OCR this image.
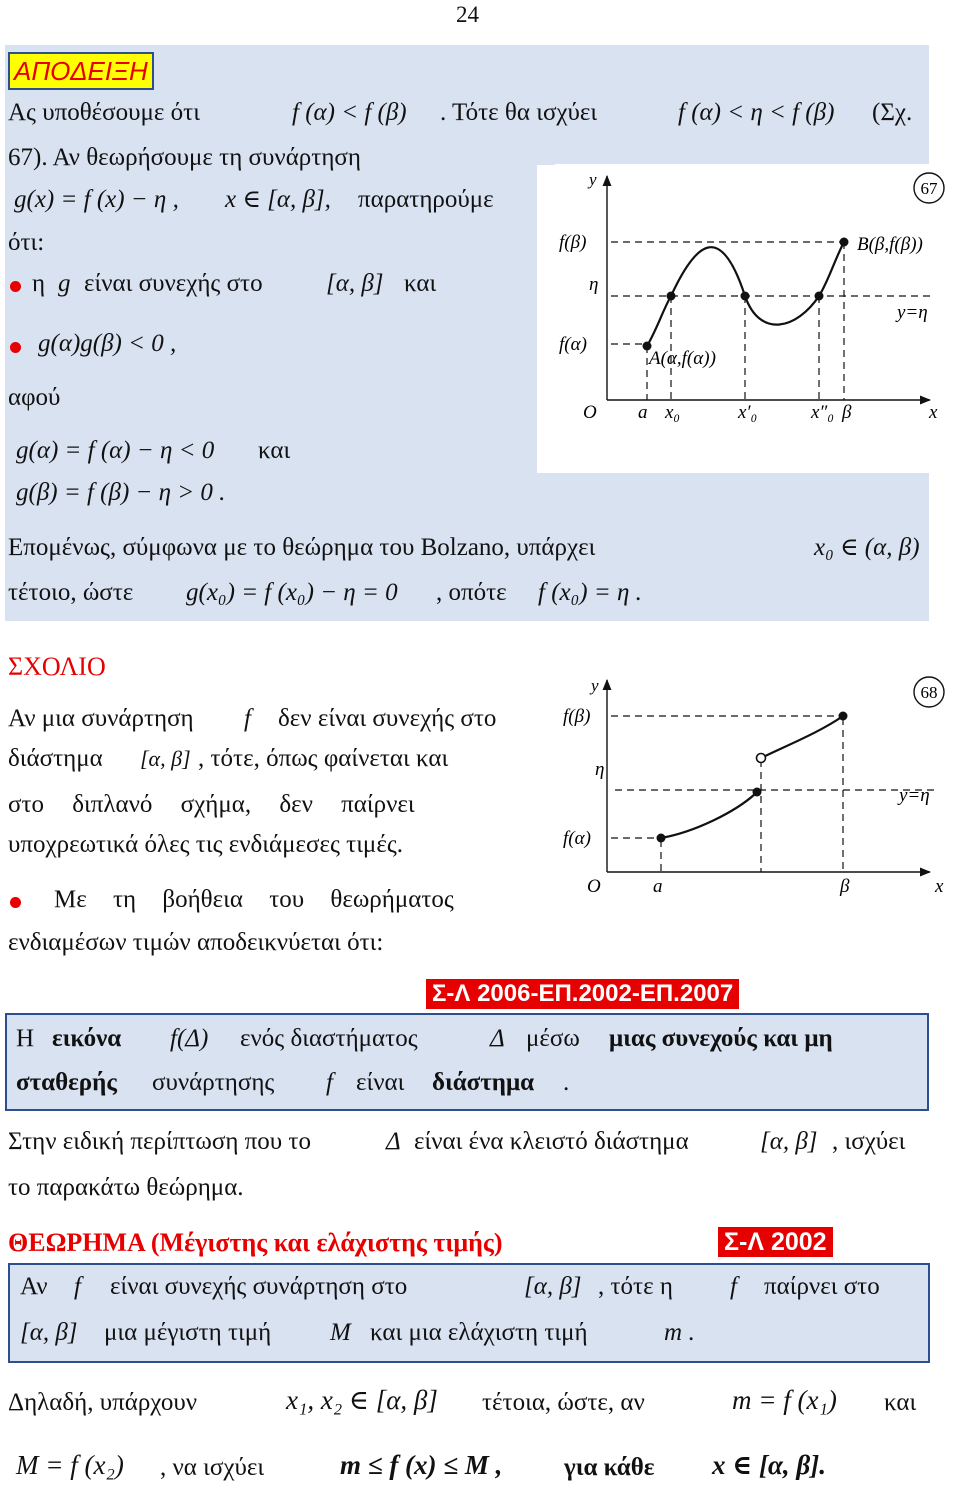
24
ΑΠΟΔΕΙΞΗ
Ας υποθέσουμε ότι	f (α) < f (β) . Τότε θα ισχύει	f (α) < η < f (β) (Σχ.
67). Αν θεωρήσουμε τη συνάρτηση
g(x) = f (x) − η , x ∈ [α, β], παρατηρούμε
ότι:
η g είναι συνεχής στο	[α, β] και
g(α)g(β) < 0 ,
αφού
g(α) = f (α) − η < 0 και
g(β) = f (β) − η > 0 .
Επομένως, σύμφωνα με το θεώρημα του Bolzano, υπάρχει	x₀ ∈ (α, β)
τέτοιο, ώστε g(x₀) = f (x₀) − η = 0 , οπότε f (x₀) = η .
67
y
f(β)
η
f(α)
O a x₀	x′₀	x″₀ β	x
B(β,f(β))
A(α,f(α))
y=η
ΣΧΟΛΙΟ
Αν μια συνάρτηση f δεν είναι συνεχής στο
διάστημα [α, β] , τότε, όπως φαίνεται και
στο διπλανό σχήμα, δεν παίρνει
υποχρεωτικά όλες τις ενδιάμεσες τιμές.
Με τη βοήθεια του θεωρήματος
ενδιαμέσων τιμών αποδεικνύεται ότι:
68
y
f(β)
η
f(α)
O	a	β	x
y=η
Σ-Λ 2006-ΕΠ.2002-ΕΠ.2007
Η εικόνα f(Δ) ενός διαστήματος	Δ μέσω μιας συνεχούς και μη
σταθερής συνάρτησης f είναι διάστημα .
Στην ειδική περίπτωση που το	Δ είναι ένα κλειστό διάστημα	[α, β] , ισχύει
το παρακάτω θεώρημα.
ΘΕΩΡΗΜΑ (Μέγιστης και ελάχιστης τιμής)	Σ-Λ 2002
Αν f είναι συνεχής συνάρτηση στο	[α, β] , τότε η f παίρνει στο
[α, β] μια μέγιστη τιμή M και μια ελάχιστη τιμή	m .
Δηλαδή, υπάρχουν	x₁, x₂ ∈ [α, β] τέτοια, ώστε, αν	m = f (x₁) και
M = f (x₂) , να ισχύει	m ≤ f (x) ≤ M , για κάθε x ∈ [α, β].
